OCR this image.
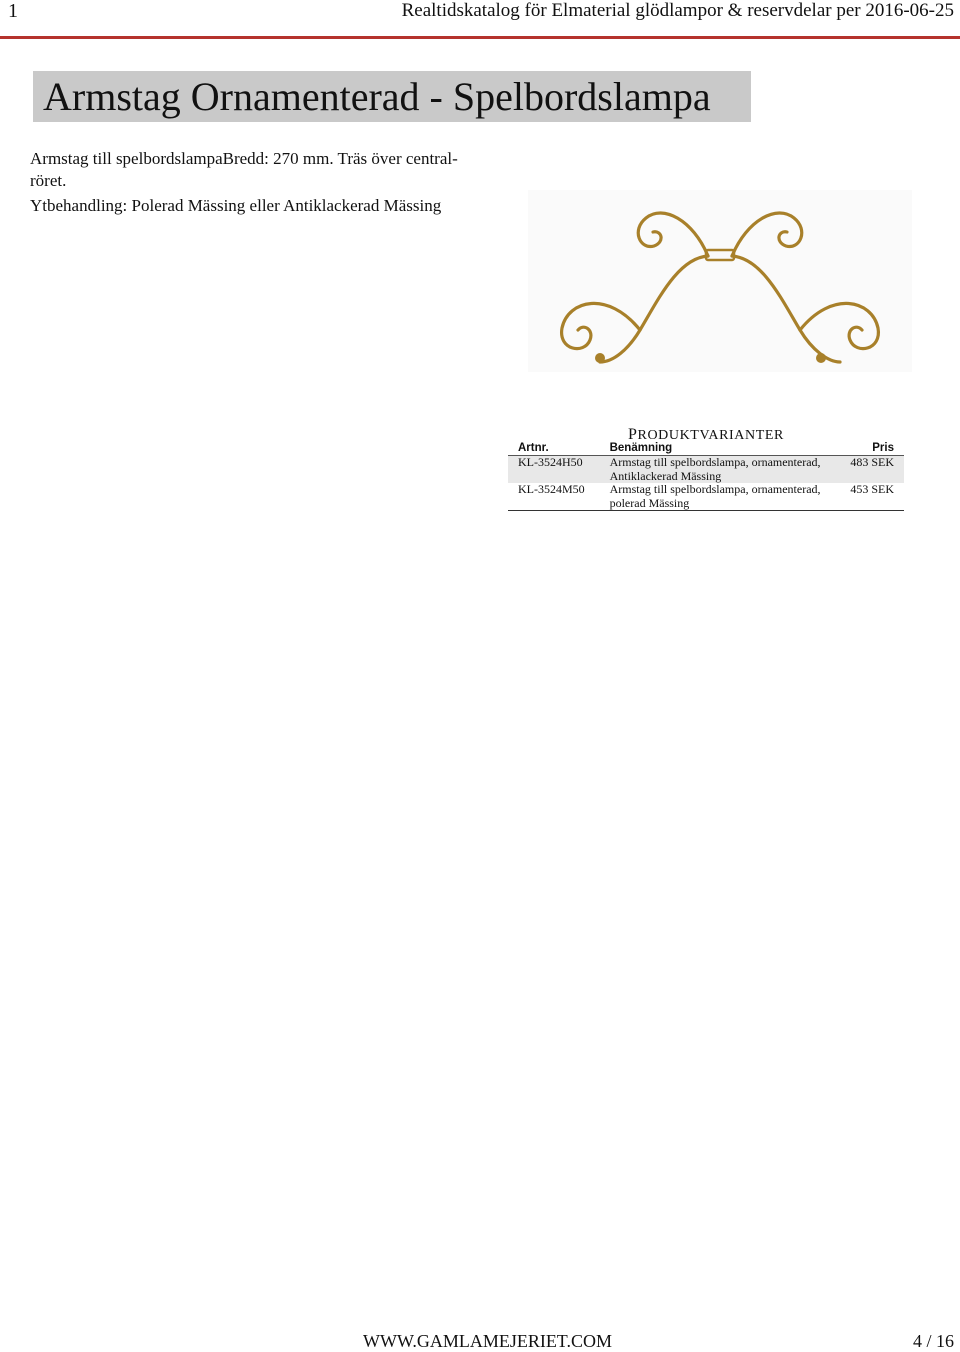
1	Realtidskatalog för Elmaterial glödlampor & reservdelar per 2016-06-25
Armstag Ornamenterad - Spelbordslampa

Armstag till spelbordslampaBredd: 270 mm. Träs över central-
röret.

Ytbehandling: Polerad Mässing eller Antiklackerad Mässing

PRODUKTVARIANTER
Artnr.	Benämning	Pris
KL-3524H50	Armstag till spelbordslampa, ornamenterad, Antiklackerad Mässing	483 SEK
KL-3524M50	Armstag till spelbordslampa, ornamenterad, polerad Mässing	453 SEK
WWW.GAMLAMEJERIET.COM	4 / 16
